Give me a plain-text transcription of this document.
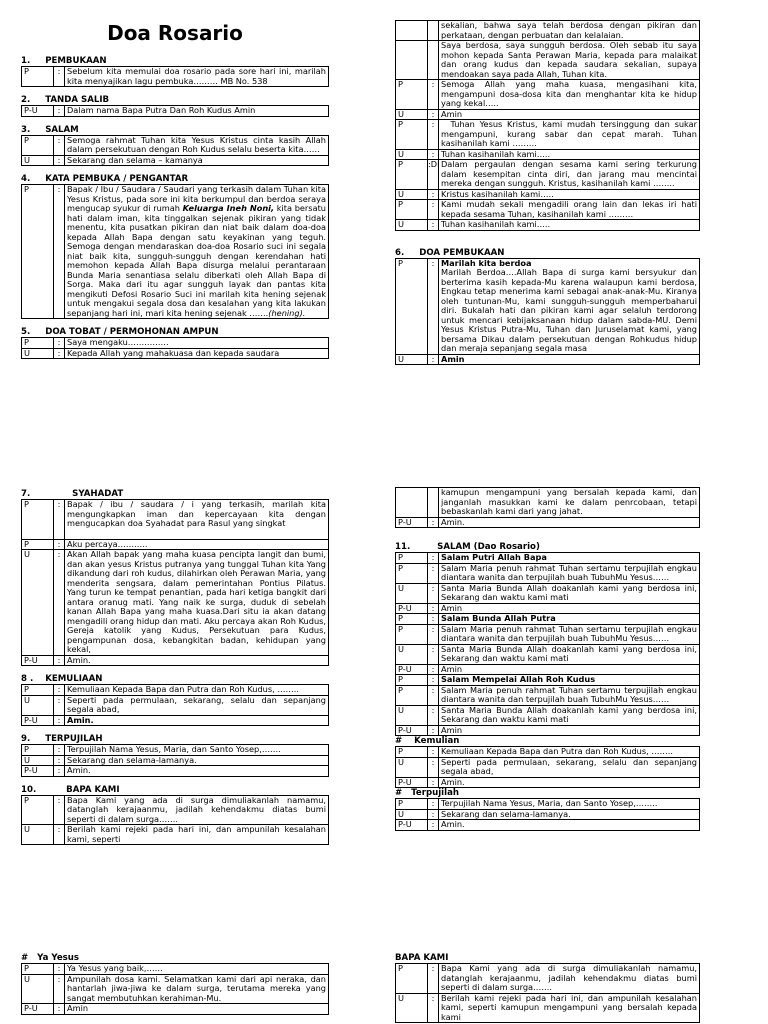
Doa Rosario
1.     PEMBUKAAN
P	:	Sebelum kita memulai doa rosario pada sore hari ini, marilah kita menyajikan lagu pembuka……… MB No. 538
2.     TANDA SALIB
P-U	:	Dalam nama Bapa Putra Dan Roh Kudus Amin
3.     SALAM
P	:	Semoga rahmat Tuhan kita Yesus Kristus cinta kasih Allah dalam persekutuan dengan Roh Kudus selalu beserta kita……
U	:	Sekarang dan selama – kamanya
4.     KATA PEMBUKA / PENGANTAR
P	:	Bapak / Ibu / Saudara / Saudari yang terkasih dalam Tuhan kita Yesus Kristus, pada sore ini kita berkumpul dan berdoa seraya mengucap syukur di rumah Keluarga Ineh Noni, kita bersatu hati dalam iman, kita tinggalkan sejenak pikiran yang tidak menentu, kita pusatkan pikiran dan niat baik dalam doa-doa kepada Allah Bapa dengan satu keyakinan yang teguh. Semoga dengan mendaraskan doa-doa Rosario suci ini segala niat baik kita, sungguh-sungguh dengan kerendahan hati memohon kepada Allah Bapa disurga melalui perantaraan Bunda Maria senantiasa selalu diberkati oleh Allah Bapa di Sorga. Maka dari itu agar sungguh layak dan pantas kita mengikuti Defosi Rosario Suci ini marilah kita hening sejenak untuk mengakui segala dosa dan kesalahan yang kita lakukan sepanjang hari ini, mari kita hening sejenak …….(hening).
5.     DOA TOBAT / PERMOHONAN AMPUN
P	:	Saya mengaku……………
U	:	Kepada Allah yang mahakuasa dan kepada saudara
		sekalian, bahwa saya telah berdosa dengan pikiran dan perkataan, dengan perbuatan dan kelalaian.
		Saya berdosa, saya sungguh berdosa. Oleh sebab itu saya mohon kepada Santa Perawan Maria, kepada para malaikat dan orang kudus dan kepada saudara sekalian, supaya mendoakan saya pada Allah, Tuhan kita.
P	:	Semoga Allah yang maha kuasa, mengasihani kita, mengampuni dosa-dosa kita dan menghantar kita ke hidup yang kekal…..
U	:	Amin
P	:	Tuhan Yesus Kristus, kami mudah tersinggung dan sukar mengampuni, kurang sabar dan cepat marah. Tuhan kasihanilah kami ………
U	:	Tuhan kasihanilah kami…..
P	:Di	Dalam pergaulan dengan sesama kami sering terkurung dalam kesempitan cinta diri, dan jarang mau mencintai mereka dengan sungguh. Kristus, kasihanilah kami ……..
U	:	Kristus kasihanilah kami…..
P	:	Kami mudah sekali mengadili orang lain dan lekas iri hati kepada sesama Tuhan, kasihanilah kami ………
U	:	Tuhan kasihanilah kami…..
6.     DOA PEMBUKAAN
P	:	Marilah kita berdoa
Marilah Berdoa….Allah Bapa di surga kami bersyukur dan berterima kasih kepada-Mu karena walaupun kami berdosa, Engkau tetap menerima kami sebagai anak-anak-Mu. Kiranya oleh tuntunan-Mu, kami sungguh-sungguh memperbaharui diri. Bukalah hati dan pikiran kami agar selaluh terdorong untuk mencari kebijaksanaan hidup dalam sabda-MU. Demi Yesus Kristus Putra-Mu, Tuhan dan Juruselamat kami, yang bersama Dikau dalam persekutuan dengan Rohkudus hidup dan meraja sepanjang segala masa

U	:	Amin
7.              SYAHADAT
P	:	Bapak / ibu / saudara / i yang terkasih, marilah kita mengungkapkan iman dan kepercayaan kita dengan mengucapkan doa Syahadat para Rasul yang singkat
P	:	Aku percaya………..
U	:	Akan Allah bapak yang maha kuasa pencipta langit dan bumi, dan akan yesus Kristus putranya yang tunggal Tuhan kita Yang dikandung dari roh kudus, dilahirkan oleh Perawan Maria, yang menderita sengsara, dalam pemerintahan Pontius Pilatus. Yang turun ke tempat penantian, pada hari ketiga bangkit dari antara oranug mati. Yang naik ke surga, duduk di sebelah kanan Allah Bapa yang maha kuasa.Dari situ ia akan datang mengadili orang hidup dan mati. Aku percaya akan Roh Kudus, Gereja katolik yang Kudus, Persekutuan para Kudus, pengampunan dosa, kebangkitan badan, kehidupan yang kekal,
P-U	:	Amin.
8 .    KEMULIAAN
P	:	Kemuliaan Kepada Bapa dan Putra dan Roh Kudus, ……..
U	:	Seperti pada permulaan, sekarang, selalu dan sepanjang segala abad,
P-U	:	Amin.
9.     TERPUJILAH
P	:	Terpujilah Nama Yesus, Maria, dan Santo Yosep,…….
U	:	Sekarang dan selama-lamanya.
P-U	:	Amin.
10.          BAPA KAMI
P	:	Bapa Kami yang ada di surga dimuliakanlah namamu, datanglah kerajaanmu, jadilah kehendakmu diatas bumi seperti di dalam surga…….
U	:	Berilah kami rejeki pada hari ini, dan ampunilah kesalahan kami, seperti
		kamupun mengampuni yang bersalah kepada kami, dan janganlah masukkan kami ke dalam penrcobaan, tetapi bebaskanlah kami dari yang jahat.
P-U	:	Amin.
11.         SALAM (Dao Rosario)
P	:	Salam Putri Allah Bapa
P	:	Salam Maria penuh rahmat Tuhan sertamu terpujilah engkau diantara wanita dan terpujilah buah TubuhMu Yesus……
U	:	Santa Maria Bunda Allah doakanlah kami yang berdosa ini, Sekarang dan waktu kami mati
P-U	:	Amin
P	:	Salam Bunda Allah Putra
P	:	Salam Maria penuh rahmat Tuhan sertamu terpujilah engkau diantara wanita dan terpujilah buah TubuhMu Yesus……
U	:	Santa Maria Bunda Allah doakanlah kami yang berdosa ini, Sekarang dan waktu kami mati
P-U	:	Amin
P	:	Salam Mempelai Allah Roh Kudus
P	:	Salam Maria penuh rahmat Tuhan sertamu terpujilah engkau diantara wanita dan terpujilah buah TubuhMu Yesus……
U	:	Santa Maria Bunda Allah doakanlah kami yang berdosa ini, Sekarang dan waktu kami mati
P-U	:	Amin
#    Kemulian
P	:	Kemuliaan Kepada Bapa dan Putra dan Roh Kudus, ……..
U	:	Seperti pada permulaan, sekarang, selalu dan sepanjang segala abad,
P-U	:	Amin.
#   Terpujilah
P	:	Terpujilah Nama Yesus, Maria, dan Santo Yosep,……..
U	:	Sekarang dan selama-lamanya.
P-U	:	Amin.
#   Ya Yesus
P	:	Ya Yesus yang baik,……
U	:	Ampunilah dosa kami. Selamatkan kami dari api neraka, dan hantarlah jiwa-jiwa ke dalam surga, terutama mereka yang sangat membutuhkan kerahiman-Mu.
P-U	:	Amin
BAPA KAMI
P	:	Bapa Kami yang ada di surga dimuliakanlah namamu, datanglah kerajaanmu, jadilah kehendakmu diatas bumi seperti di dalam surga…….
U	:	Berilah kami rejeki pada hari ini, dan ampunilah kesalahan kami, seperti kamupun mengampuni yang bersalah kepada kami
